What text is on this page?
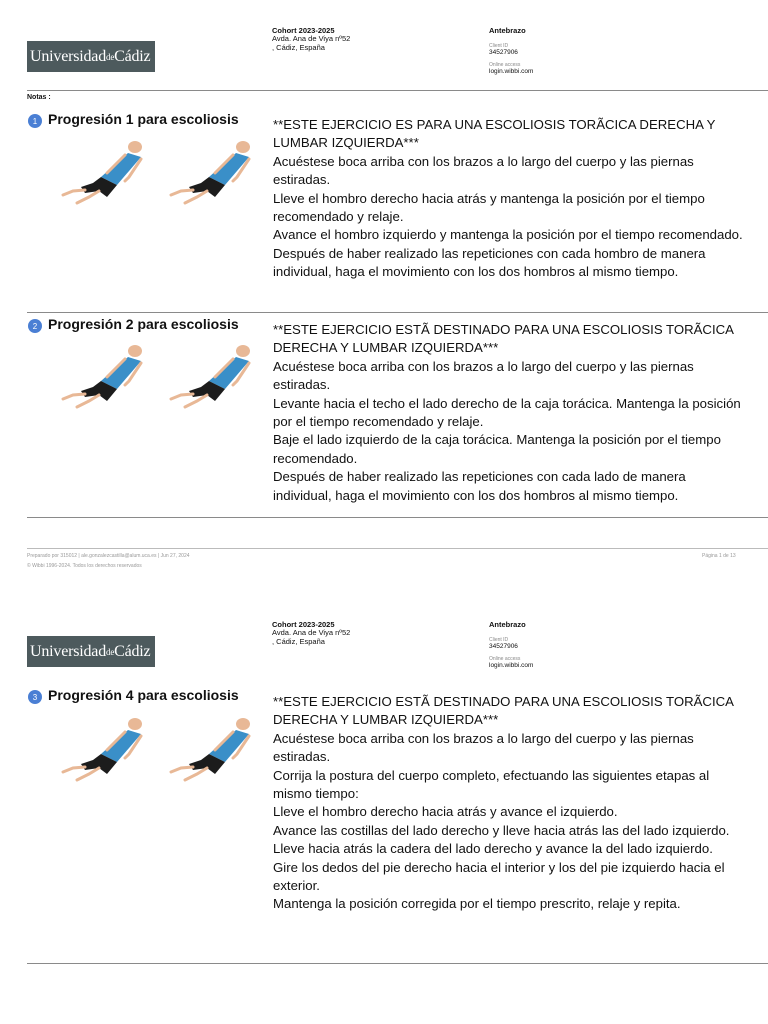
Universidad de Cádiz
Cohort 2023-2025
Avda. Ana de Viya nº52
, Cádiz, España
Antebrazo
Client ID
34527906
Online access
login.wibbi.com
Notas :
1 Progresión 1 para escoliosis	**ESTE EJERCICIO ES PARA UNA ESCOLIOSIS TORÃCICA DERECHA Y LUMBAR IZQUIERDA***
Acuéstese boca arriba con los brazos a lo largo del cuerpo y las piernas estiradas.
Lleve el hombro derecho hacia atrás y mantenga la posición por el tiempo recomendado y relaje.
Avance el hombro izquierdo y mantenga la posición por el tiempo recomendado.
Después de haber realizado las repeticiones con cada hombro de manera individual, haga el movimiento con los dos hombros al mismo tiempo.
2 Progresión 2 para escoliosis	**ESTE EJERCICIO ESTÃ DESTINADO PARA UNA ESCOLIOSIS TORÃCICA DERECHA Y LUMBAR IZQUIERDA***
Acuéstese boca arriba con los brazos a lo largo del cuerpo y las piernas estiradas.
Levante hacia el techo el lado derecho de la caja torácica. Mantenga la posición por el tiempo recomendado y relaje.
Baje el lado izquierdo de la caja torácica. Mantenga la posición por el tiempo recomendado.
Después de haber realizado las repeticiones con cada lado de manera individual, haga el movimiento con los dos hombros al mismo tiempo.
Preparado por 315012 | ale.gonzalezcastilla@alum.uca.es | Jun 27, 2024
© Wibbi 1996-2024. Todos los derechos reservados
Página 1 de 13
Universidad de Cádiz
Cohort 2023-2025
Avda. Ana de Viya nº52
, Cádiz, España
Antebrazo
Client ID
34527906
Online access
login.wibbi.com
3 Progresión 4 para escoliosis	**ESTE EJERCICIO ESTÃ DESTINADO PARA UNA ESCOLIOSIS TORÃCICA DERECHA Y LUMBAR IZQUIERDA***
Acuéstese boca arriba con los brazos a lo largo del cuerpo y las piernas estiradas.
Corrija la postura del cuerpo completo, efectuando las siguientes etapas al mismo tiempo:
Lleve el hombro derecho hacia atrás y avance el izquierdo.
Avance las costillas del lado derecho y lleve hacia atrás las del lado izquierdo.
Lleve hacia atrás la cadera del lado derecho y avance la del lado izquierdo.
Gire los dedos del pie derecho hacia el interior y los del pie izquierdo hacia el exterior.
Mantenga la posición corregida por el tiempo prescrito, relaje y repita.
